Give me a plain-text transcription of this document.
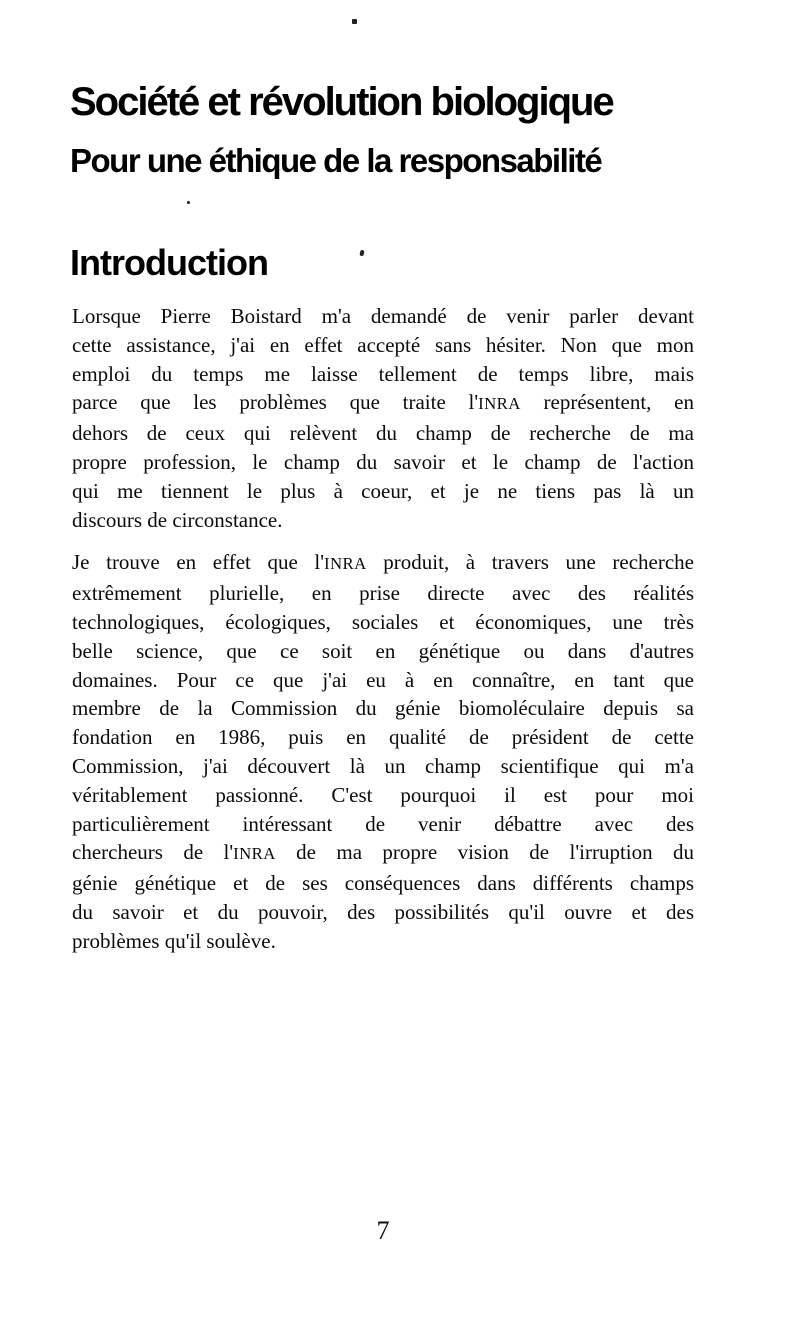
Société et révolution biologique
Pour une éthique de la responsabilité
Introduction
Lorsque Pierre Boistard m'a demandé de venir parler devant
cette assistance, j'ai en effet accepté sans hésiter. Non que mon
emploi du temps me laisse tellement de temps libre, mais
parce que les problèmes que traite l'INRA représentent, en
dehors de ceux qui relèvent du champ de recherche de ma
propre profession, le champ du savoir et le champ de l'action
qui me tiennent le plus à coeur, et je ne tiens pas là un
discours de circonstance.
Je trouve en effet que l'INRA produit, à travers une recherche
extrêmement plurielle, en prise directe avec des réalités
technologiques, écologiques, sociales et économiques, une très
belle science, que ce soit en génétique ou dans d'autres
domaines. Pour ce que j'ai eu à en connaître, en tant que
membre de la Commission du génie biomoléculaire depuis sa
fondation en 1986, puis en qualité de président de cette
Commission, j'ai découvert là un champ scientifique qui m'a
véritablement passionné. C'est pourquoi il est pour moi
particulièrement intéressant de venir débattre avec des
chercheurs de l'INRA de ma propre vision de l'irruption du
génie génétique et de ses conséquences dans différents champs
du savoir et du pouvoir, des possibilités qu'il ouvre et des
problèmes qu'il soulève.
7
